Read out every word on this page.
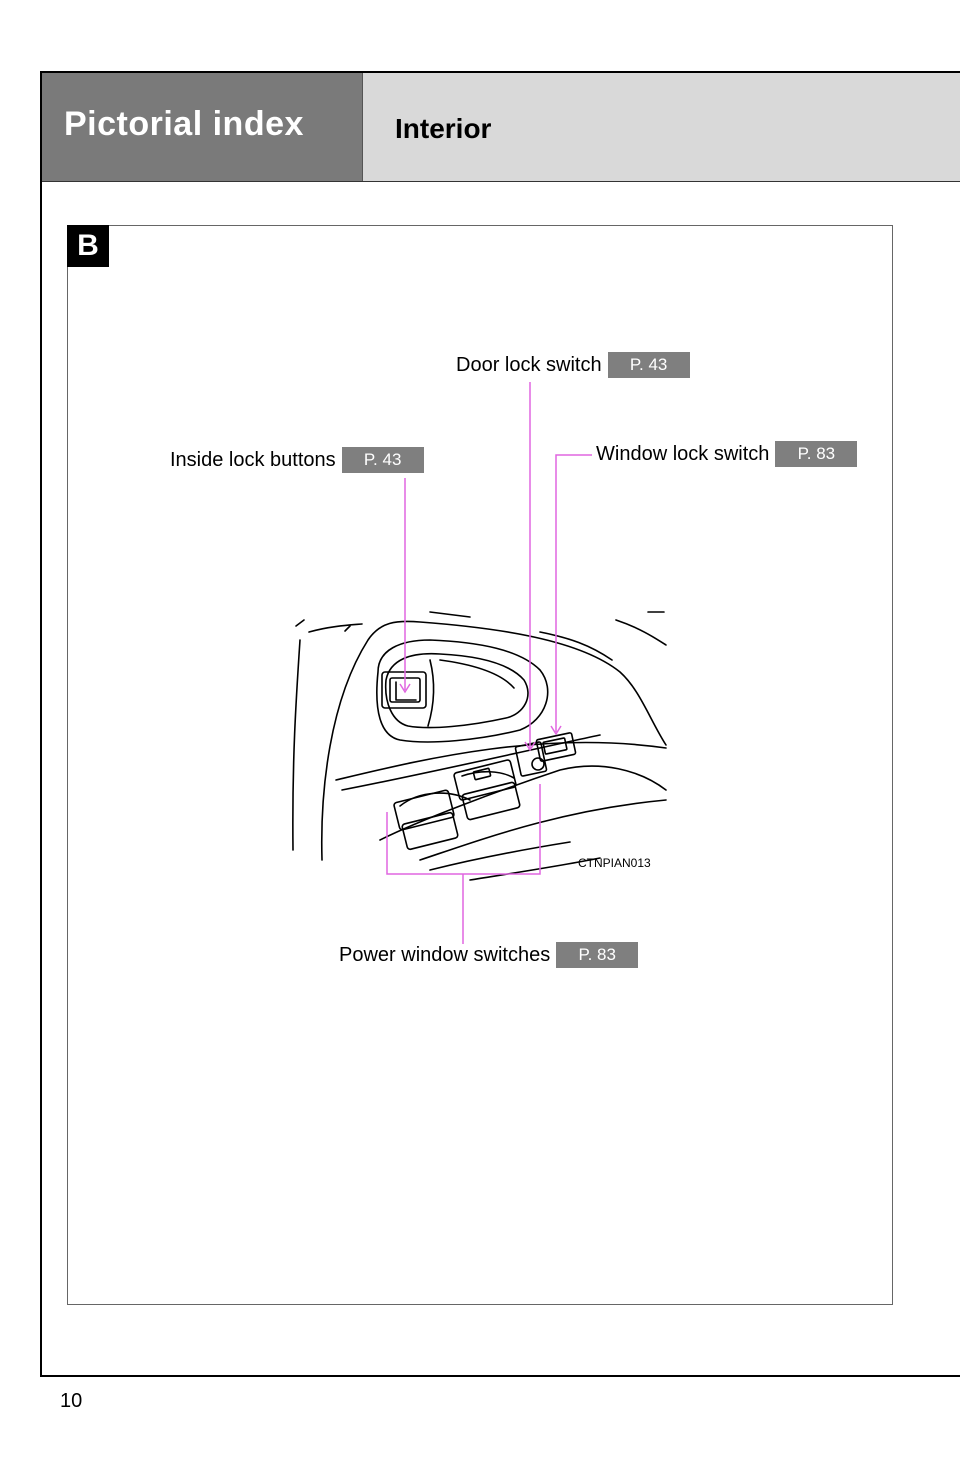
Pictorial index	Interior
B
Door lock switch	P. 43
Inside lock buttons	P. 43	Window lock switch	P. 83
Power window switches	P. 83
CTNPIAN013
10
